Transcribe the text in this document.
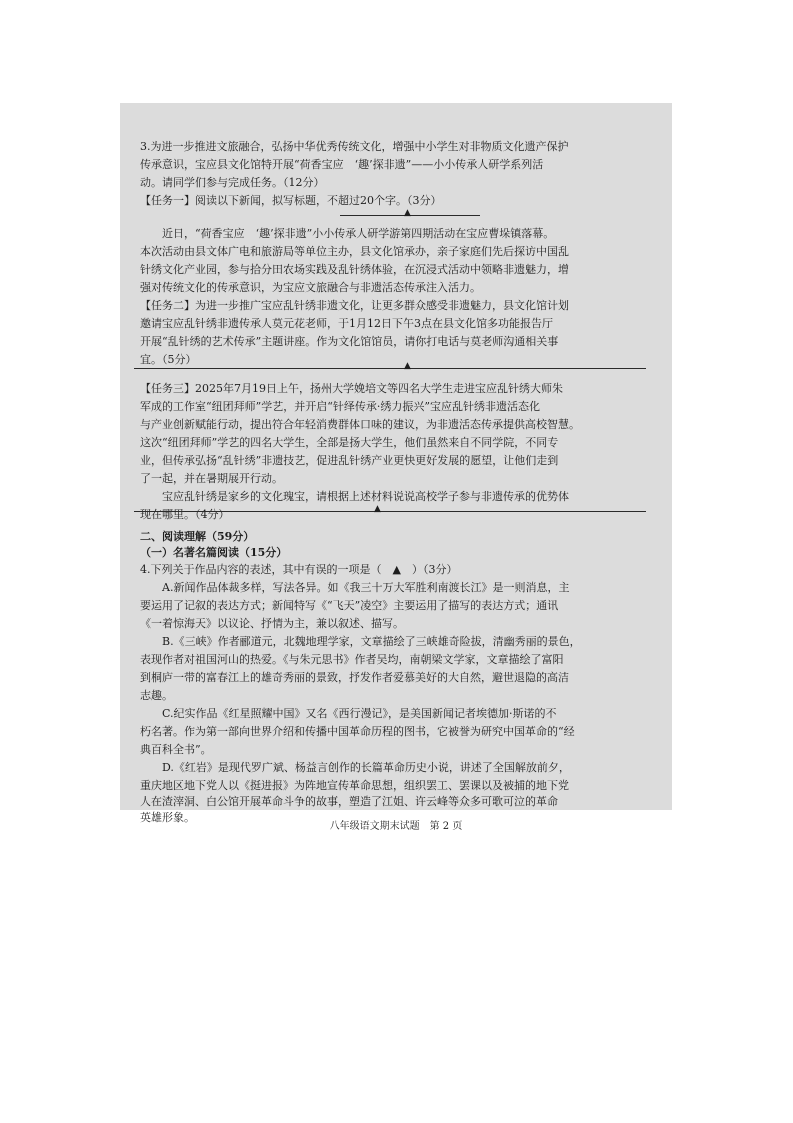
3.为进一步推进文旅融合，弘扬中华优秀传统文化，增强中小学生对非物质文化遗产保护
传承意识，宝应县文化馆特开展“荷香宝应　‘趣’探非遗”——小小传承人研学系列活
动。请同学们参与完成任务。（12分）
【任务一】阅读以下新闻，拟写标题，不超过20个字。（3分）
▲
近日，“荷香宝应　‘趣’探非遗”小小传承人研学游第四期活动在宝应曹垛镇落幕。
本次活动由县文体广电和旅游局等单位主办，县文化馆承办，亲子家庭们先后探访中国乱
针绣文化产业园，参与拾分田农场实践及乱针绣体验，在沉浸式活动中领略非遗魅力，增
强对传统文化的传承意识，为宝应文旅融合与非遗活态传承注入活力。
【任务二】为进一步推广宝应乱针绣非遗文化，让更多群众感受非遗魅力，县文化馆计划
邀请宝应乱针绣非遗传承人莫元花老师，于1月12日下午3点在县文化馆多功能报告厅
开展“乱针绣的艺术传承”主题讲座。作为文化馆馆员，请你打电话与莫老师沟通相关事
宜。（5分）	▲
【任务三】2025年7月19日上午，扬州大学娩培文等四名大学生走进宝应乱针绣大师朱
军成的工作室“纽团拜师”学艺，并开启“针绎传承·绣力振兴”宝应乱针绣非遗活态化
与产业创新赋能行动，提出符合年轻消费群体口味的建议，为非遗活态传承提供高校智慧。
这次“纽团拜师”学艺的四名大学生，全部是扬大学生，他们虽然来自不同学院，不同专
业，但传承弘扬“乱针绣”非遗技艺，促进乱针绣产业更快更好发展的愿望，让他们走到
了一起，并在暑期展开行动。
宝应乱针绣是家乡的文化瑰宝，请根据上述材料说说高校学子参与非遗传承的优势体
现在哪里。（4分）	▲
二、阅读理解（59分）
（一）名著名篇阅读（15分）
4.下列关于作品内容的表述，其中有误的一项是（　▲　）（3分）
A.新闻作品体裁多样，写法各异。如《我三十万大军胜利南渡长江》是一则消息，主
要运用了记叙的表达方式；新闻特写《“飞天”凌空》主要运用了描写的表达方式；通讯
《一着惊海天》以议论、抒情为主，兼以叙述、描写。
B.《三峡》作者郦道元，北魏地理学家，文章描绘了三峡雄奇险拔，清幽秀丽的景色，
表现作者对祖国河山的热爱。《与朱元思书》作者吴均，南朝梁文学家，文章描绘了富阳
到桐庐一带的富春江上的雄奇秀丽的景致，抒发作者爱慕美好的大自然，避世退隐的高洁
志趣。
C.纪实作品《红星照耀中国》又名《西行漫记》，是美国新闻记者埃德加·斯诺的不
朽名著。作为第一部向世界介绍和传播中国革命历程的图书，它被誉为研究中国革命的“经
典百科全书”。
D.《红岩》是现代罗广斌、杨益言创作的长篇革命历史小说，讲述了全国解放前夕，
重庆地区地下党人以《挺进报》为阵地宣传革命思想，组织罢工、罢课以及被捕的地下党
人在渣滓洞、白公馆开展革命斗争的故事，塑造了江姐、许云峰等众多可歌可泣的革命
英雄形象。
八年级语文期末试题　第 2 页
